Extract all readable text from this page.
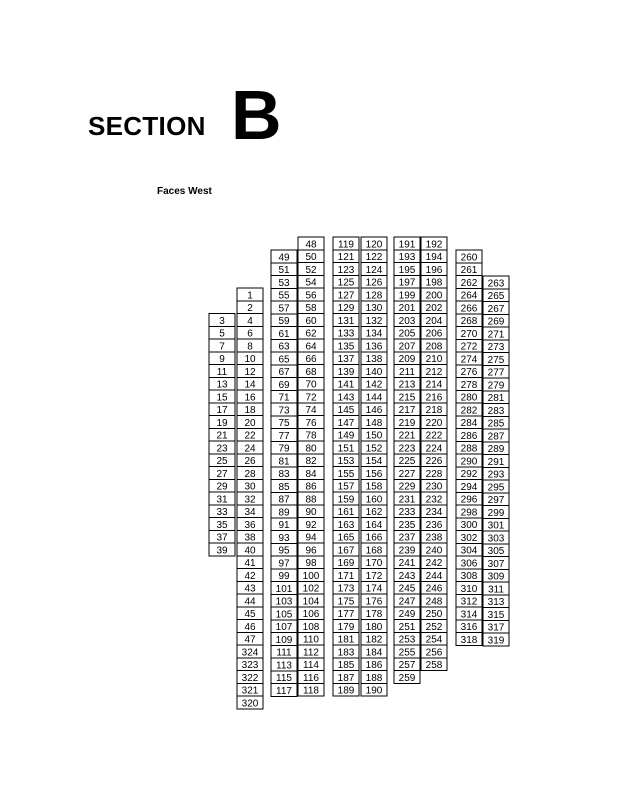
SECTION B
Faces West
3
5
7
9
11
13
15
17
19
21
23
25
27
29
31
33
35
37
39
1
2
4
6
8
10
12
14
16
18
20
22
24
26
28
30
32
34
36
38
40
41
42
43
44
45
46
47
324
323
322
321
320
49
51
53
55
57
59
61
63
65
67
69
71
73
75
77
79
81
83
85
87
89
91
93
95
97
99
101
103
105
107
109
111
113
115
117
48
50
52
54
56
58
60
62
64
66
68
70
72
74
76
78
80
82
84
86
88
90
92
94
96
98
100
102
104
106
108
110
112
114
116
118
119
121
123
125
127
129
131
133
135
137
139
141
143
145
147
149
151
153
155
157
159
161
163
165
167
169
171
173
175
177
179
181
183
185
187
189
120
122
124
126
128
130
132
134
136
138
140
142
144
146
148
150
152
154
156
158
160
162
164
166
168
170
172
174
176
178
180
182
184
186
188
190
191
193
195
197
199
201
203
205
207
209
211
213
215
217
219
221
223
225
227
229
231
233
235
237
239
241
243
245
247
249
251
253
255
257
259
192
194
196
198
200
202
204
206
208
210
212
214
216
218
220
222
224
226
228
230
232
234
236
238
240
242
244
246
248
250
252
254
256
258
260
261
262
264
266
268
270
272
274
276
278
280
282
284
286
288
290
292
294
296
298
300
302
304
306
308
310
312
314
316
318
263
265
267
269
271
273
275
277
279
281
283
285
287
289
291
293
295
297
299
301
303
305
307
309
311
313
315
317
319
